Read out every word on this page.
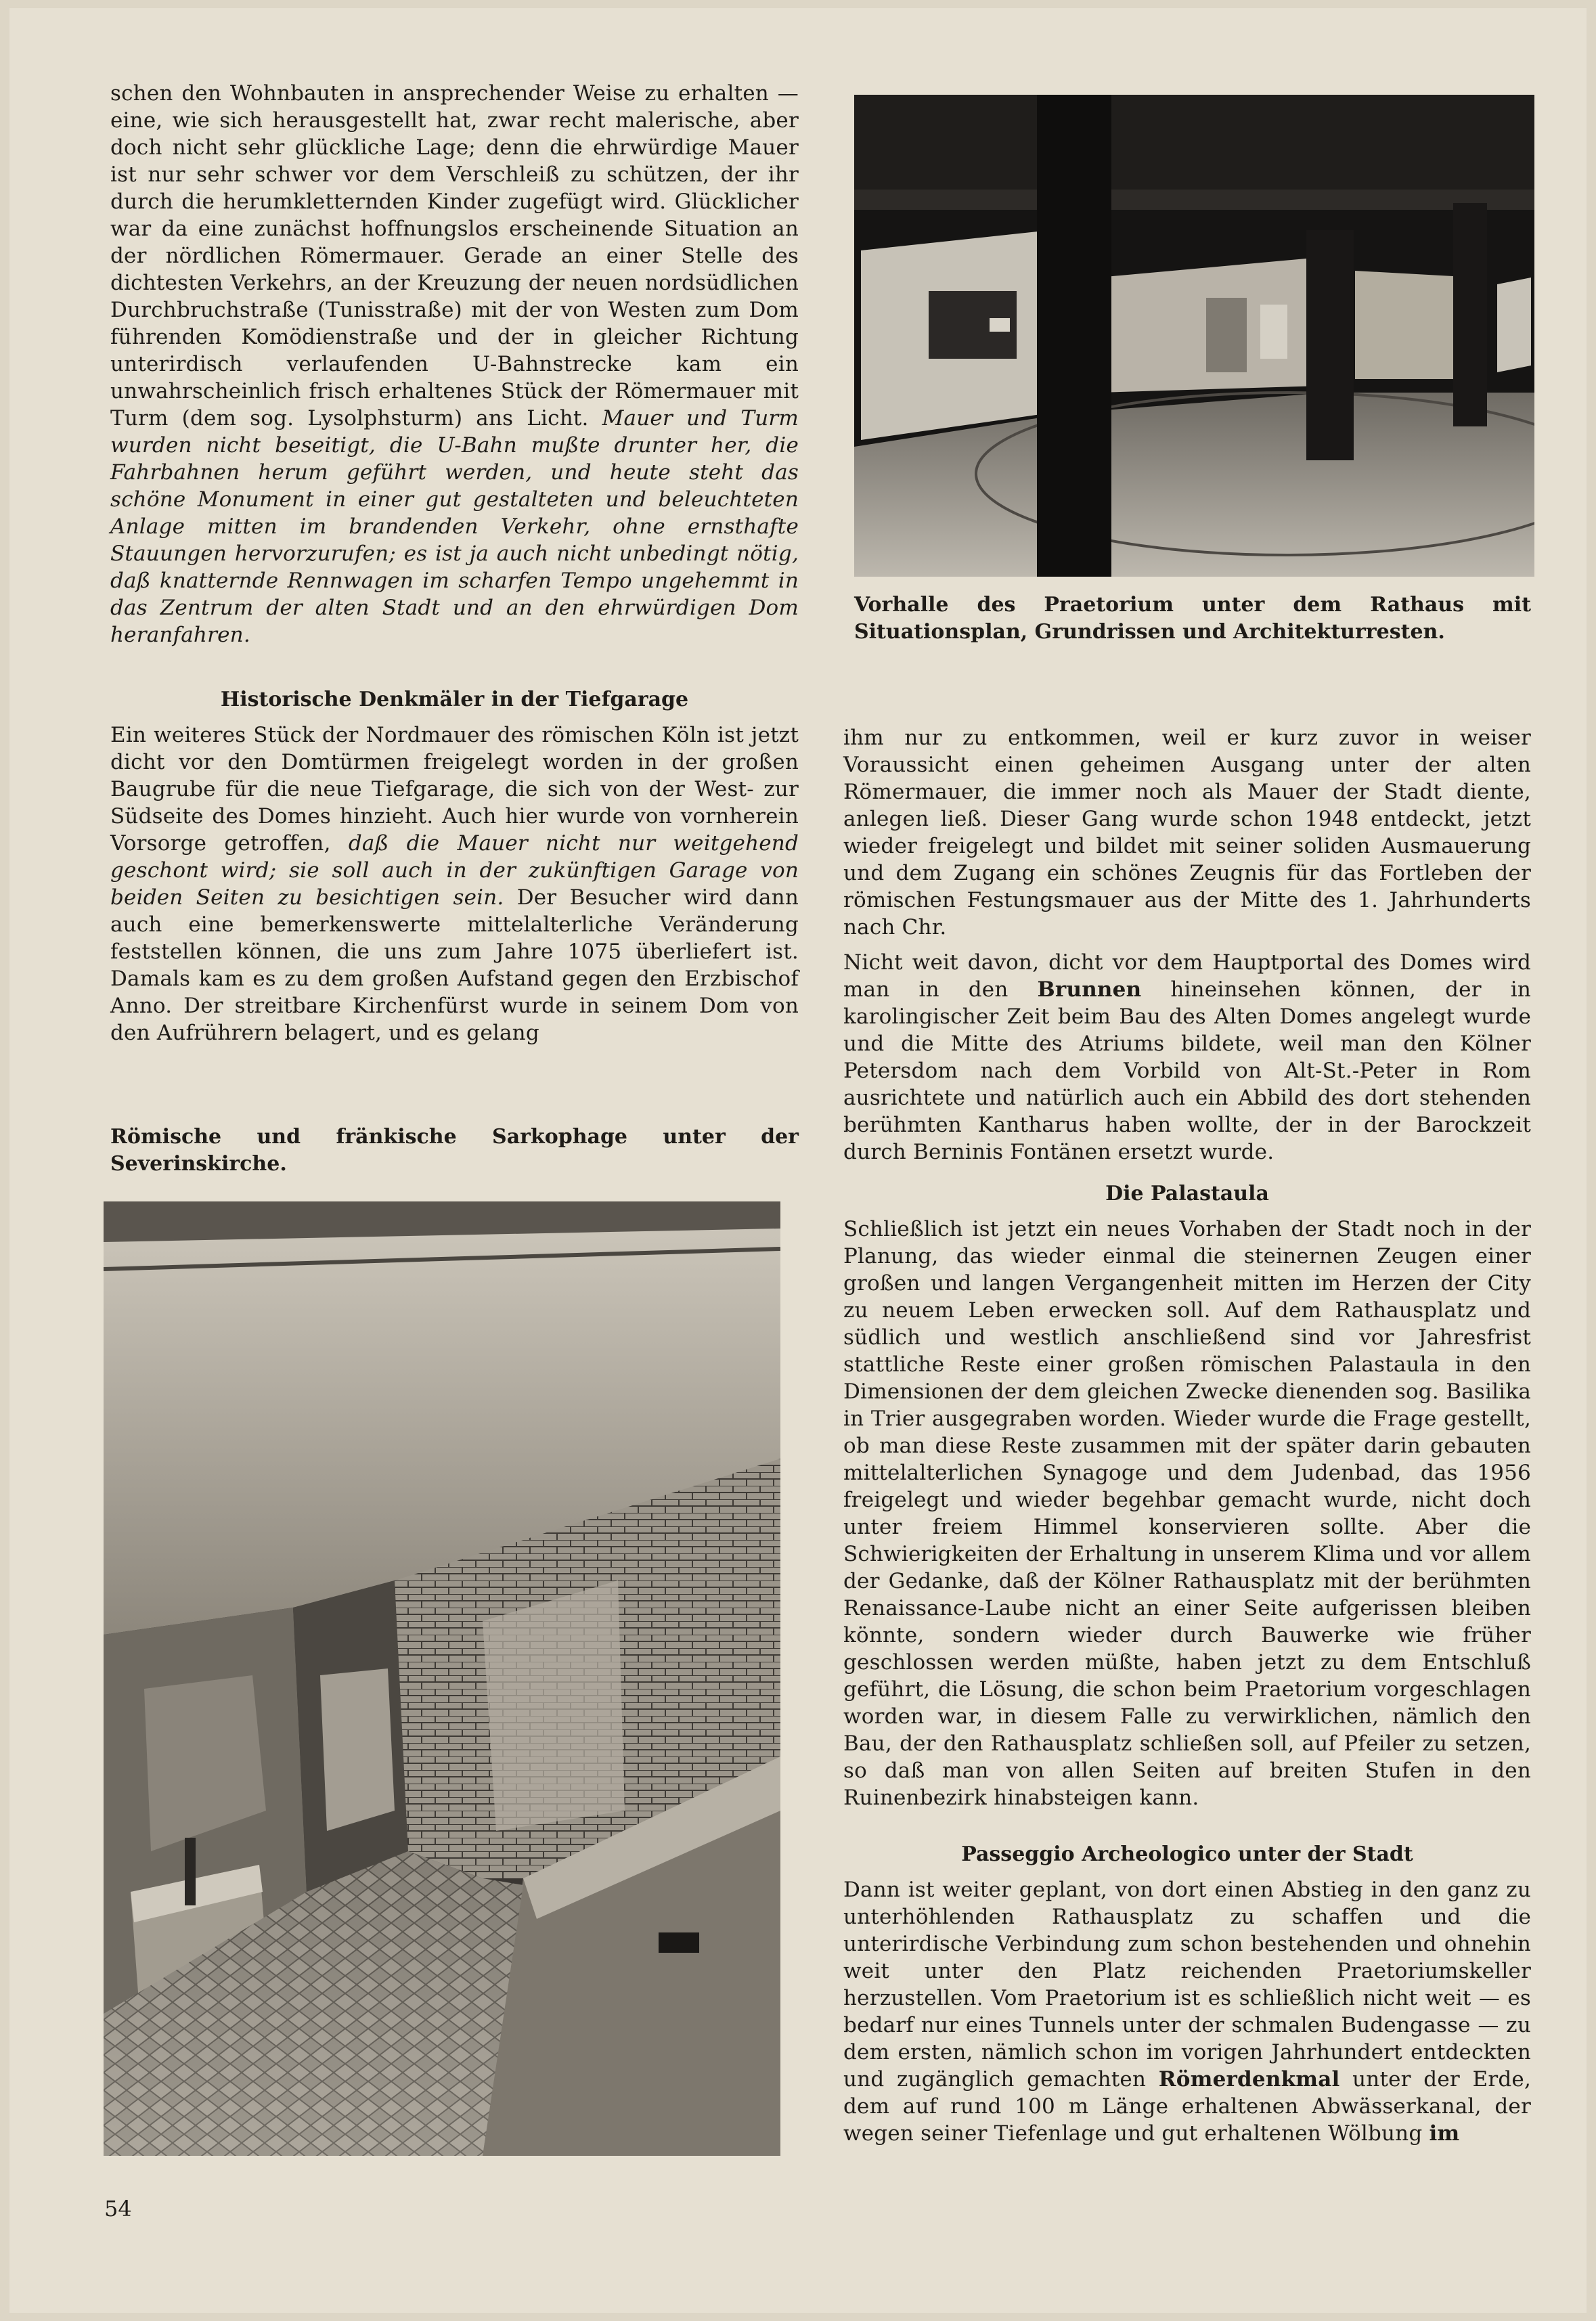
schen den Wohnbauten in ansprechender Weise zu erhalten — eine, wie sich herausgestellt hat, zwar recht malerische, aber doch nicht sehr glückliche Lage; denn die ehrwürdige Mauer ist nur sehr schwer vor dem Verschleiß zu schützen, der ihr durch die herumkletternden Kinder zugefügt wird. Glücklicher war da eine zunächst hoffnungslos erscheinende Situation an der nördlichen Römermauer. Gerade an einer Stelle des dichtesten Verkehrs, an der Kreuzung der neuen nordsüdlichen Durchbruchstraße (Tunisstraße) mit der von Westen zum Dom führenden Komödienstraße und der in gleicher Richtung unterirdisch verlaufenden U-Bahnstrecke kam ein unwahrscheinlich frisch erhaltenes Stück der Römermauer mit Turm (dem sog. Lysolphsturm) ans Licht. Mauer und Turm wurden nicht beseitigt, die U-Bahn mußte drunter her, die Fahrbahnen herum geführt werden, und heute steht das schöne Monument in einer gut gestalteten und beleuchteten Anlage mitten im brandenden Verkehr, ohne ernsthafte Stauungen hervorzurufen; es ist ja auch nicht unbedingt nötig, daß knatternde Rennwagen im scharfen Tempo ungehemmt in das Zentrum der alten Stadt und an den ehrwürdigen Dom heranfahren.

Historische Denkmäler in der Tiefgarage

Ein weiteres Stück der Nordmauer des römischen Köln ist jetzt dicht vor den Domtürmen freigelegt worden in der großen Baugrube für die neue Tiefgarage, die sich von der West- zur Südseite des Domes hinzieht. Auch hier wurde von vornherein Vorsorge getroffen, daß die Mauer nicht nur weitgehend geschont wird; sie soll auch in der zukünftigen Garage von beiden Seiten zu besichtigen sein. Der Besucher wird dann auch eine bemerkenswerte mittelalterliche Veränderung feststellen können, die uns zum Jahre 1075 überliefert ist. Damals kam es zu dem großen Aufstand gegen den Erzbischof Anno. Der streitbare Kirchenfürst wurde in seinem Dom von den Aufrührern belagert, und es gelang

Römische und fränkische Sarkophage unter der Severinskirche.

Vorhalle des Praetorium unter dem Rathaus mit Situationsplan, Grundrissen und Architekturresten.

ihm nur zu entkommen, weil er kurz zuvor in weiser Voraussicht einen geheimen Ausgang unter der alten Römermauer, die immer noch als Mauer der Stadt diente, anlegen ließ. Dieser Gang wurde schon 1948 entdeckt, jetzt wieder freigelegt und bildet mit seiner soliden Ausmauerung und dem Zugang ein schönes Zeugnis für das Fortleben der römischen Festungsmauer aus der Mitte des 1. Jahrhunderts nach Chr.

Nicht weit davon, dicht vor dem Hauptportal des Domes wird man in den Brunnen hineinsehen können, der in karolingischer Zeit beim Bau des Alten Domes angelegt wurde und die Mitte des Atriums bildete, weil man den Kölner Petersdom nach dem Vorbild von Alt-St.-Peter in Rom ausrichtete und natürlich auch ein Abbild des dort stehenden berühmten Kantharus haben wollte, der in der Barockzeit durch Berninis Fontänen ersetzt wurde.

Die Palastaula

Schließlich ist jetzt ein neues Vorhaben der Stadt noch in der Planung, das wieder einmal die steinernen Zeugen einer großen und langen Vergangenheit mitten im Herzen der City zu neuem Leben erwecken soll. Auf dem Rathausplatz und südlich und westlich anschließend sind vor Jahresfrist stattliche Reste einer großen römischen Palastaula in den Dimensionen der dem gleichen Zwecke dienenden sog. Basilika in Trier ausgegraben worden. Wieder wurde die Frage gestellt, ob man diese Reste zusammen mit der später darin gebauten mittelalterlichen Synagoge und dem Judenbad, das 1956 freigelegt und wieder begehbar gemacht wurde, nicht doch unter freiem Himmel konservieren sollte. Aber die Schwierigkeiten der Erhaltung in unserem Klima und vor allem der Gedanke, daß der Kölner Rathausplatz mit der berühmten Renaissance-Laube nicht an einer Seite aufgerissen bleiben könnte, sondern wieder durch Bauwerke wie früher geschlossen werden müßte, haben jetzt zu dem Entschluß geführt, die Lösung, die schon beim Praetorium vorgeschlagen worden war, in diesem Falle zu verwirklichen, nämlich den Bau, der den Rathausplatz schließen soll, auf Pfeiler zu setzen, so daß man von allen Seiten auf breiten Stufen in den Ruinenbezirk hinabsteigen kann.

Passeggio Archeologico unter der Stadt

Dann ist weiter geplant, von dort einen Abstieg in den ganz zu unterhöhlenden Rathausplatz zu schaffen und die unterirdische Verbindung zum schon bestehenden und ohnehin weit unter den Platz reichenden Praetoriumskeller herzustellen. Vom Praetorium ist es schließlich nicht weit — es bedarf nur eines Tunnels unter der schmalen Budengasse — zu dem ersten, nämlich schon im vorigen Jahrhundert entdeckten und zugänglich gemachten Römerdenkmal unter der Erde, dem auf rund 100 m Länge erhaltenen Abwässerkanal, der wegen seiner Tiefenlage und gut erhaltenen Wölbung im

54
